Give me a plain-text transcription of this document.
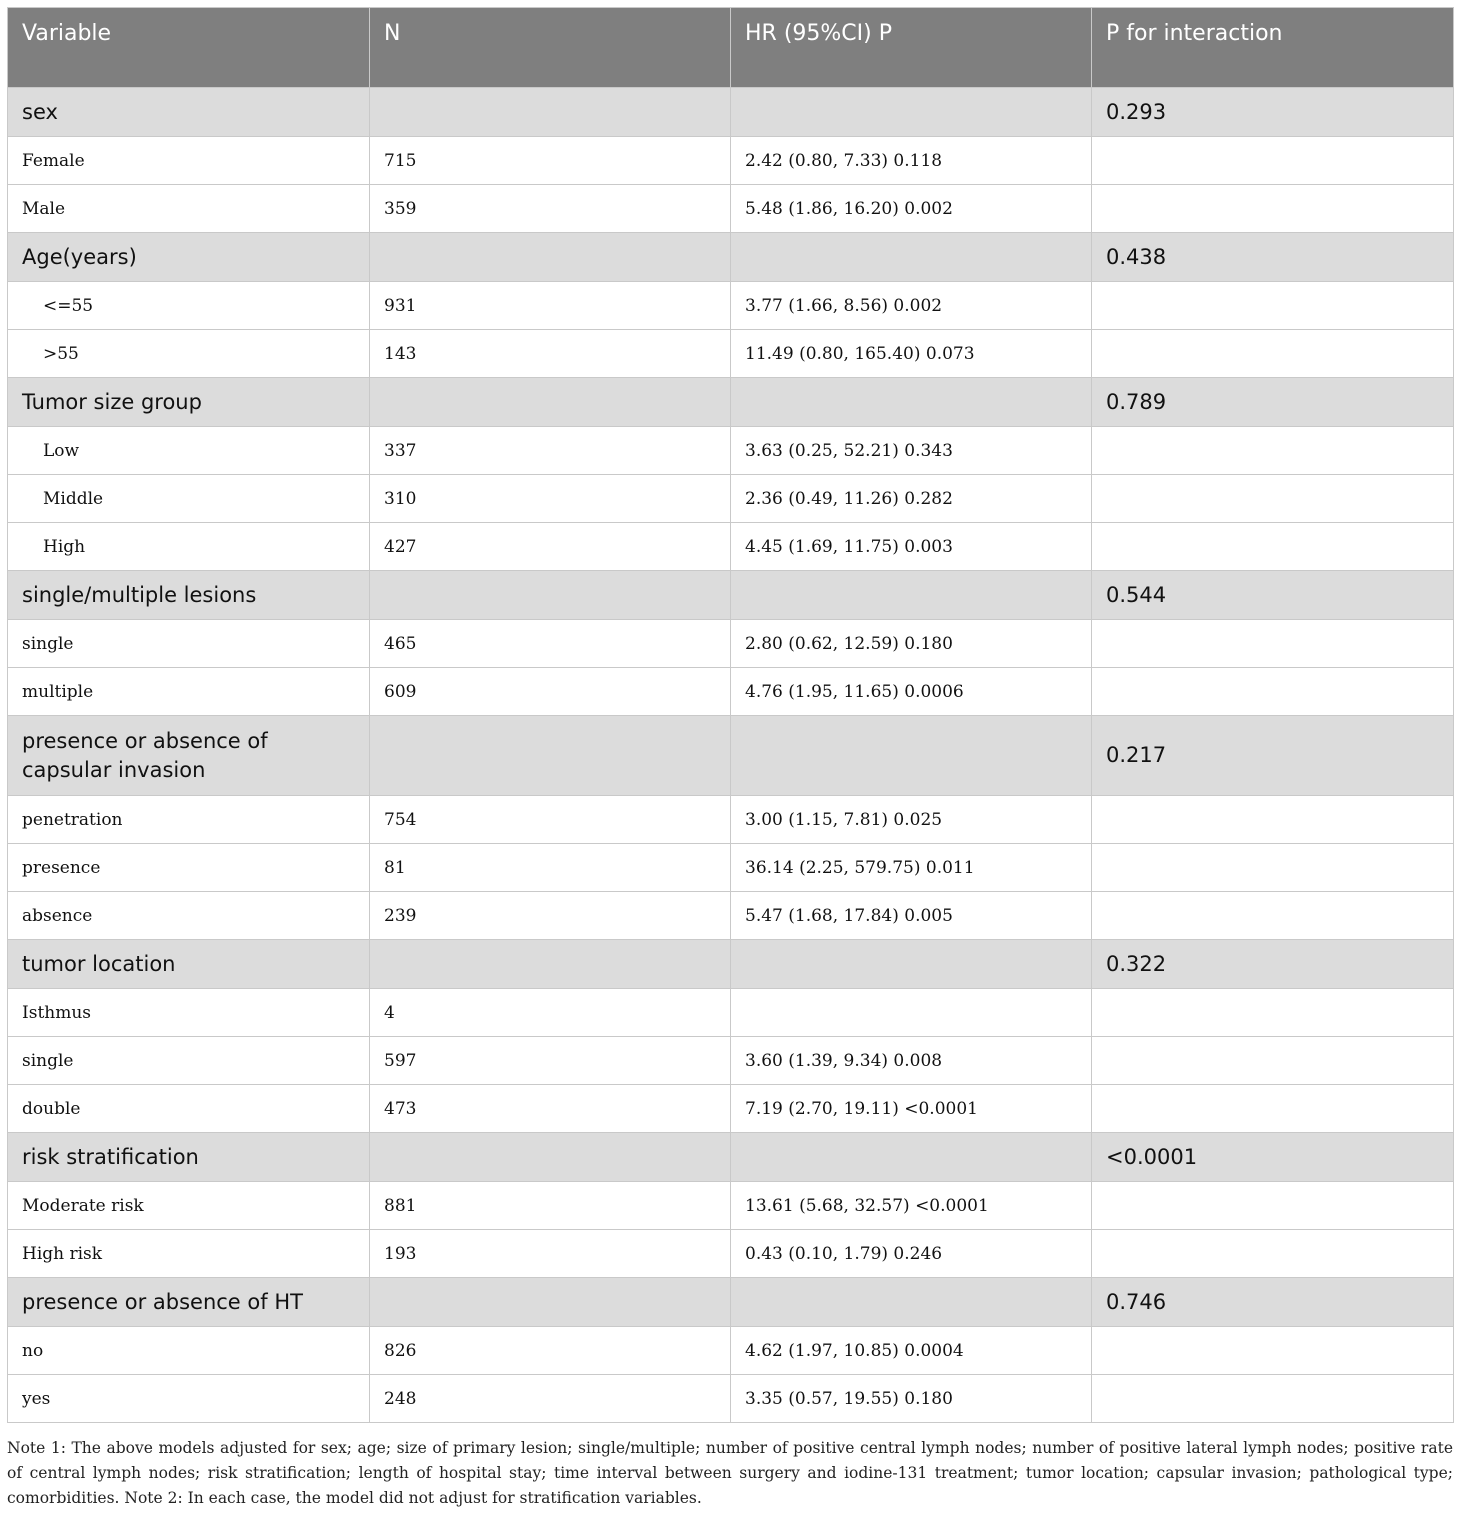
Variable	N	HR (95%CI) P	P for interaction
sex			0.293
Female	715	2.42 (0.80, 7.33) 0.118	
Male	359	5.48 (1.86, 16.20) 0.002	
Age(years)			0.438
<=55	931	3.77 (1.66, 8.56) 0.002	
>55	143	11.49 (0.80, 165.40) 0.073	
Tumor size group			0.789
Low	337	3.63 (0.25, 52.21) 0.343	
Middle	310	2.36 (0.49, 11.26) 0.282	
High	427	4.45 (1.69, 11.75) 0.003	
single/multiple lesions			0.544
single	465	2.80 (0.62, 12.59) 0.180	
multiple	609	4.76 (1.95, 11.65) 0.0006	
presence or absence of capsular invasion			0.217
penetration	754	3.00 (1.15, 7.81) 0.025	
presence	81	36.14 (2.25, 579.75) 0.011	
absence	239	5.47 (1.68, 17.84) 0.005	
tumor location			0.322
Isthmus	4		
single	597	3.60 (1.39, 9.34) 0.008	
double	473	7.19 (2.70, 19.11) <0.0001	
risk stratification			<0.0001
Moderate risk	881	13.61 (5.68, 32.57) <0.0001	
High risk	193	0.43 (0.10, 1.79) 0.246	
presence or absence of HT			0.746
no	826	4.62 (1.97, 10.85) 0.0004	
yes	248	3.35 (0.57, 19.55) 0.180	
Note 1: The above models adjusted for sex; age; size of primary lesion; single/multiple; number of positive central lymph nodes; number of positive lateral lymph nodes; positive rate of central lymph nodes; risk stratification; length of hospital stay; time interval between surgery and iodine-131 treatment; tumor location; capsular invasion; pathological type; comorbidities. Note 2: In each case, the model did not adjust for stratification variables.
